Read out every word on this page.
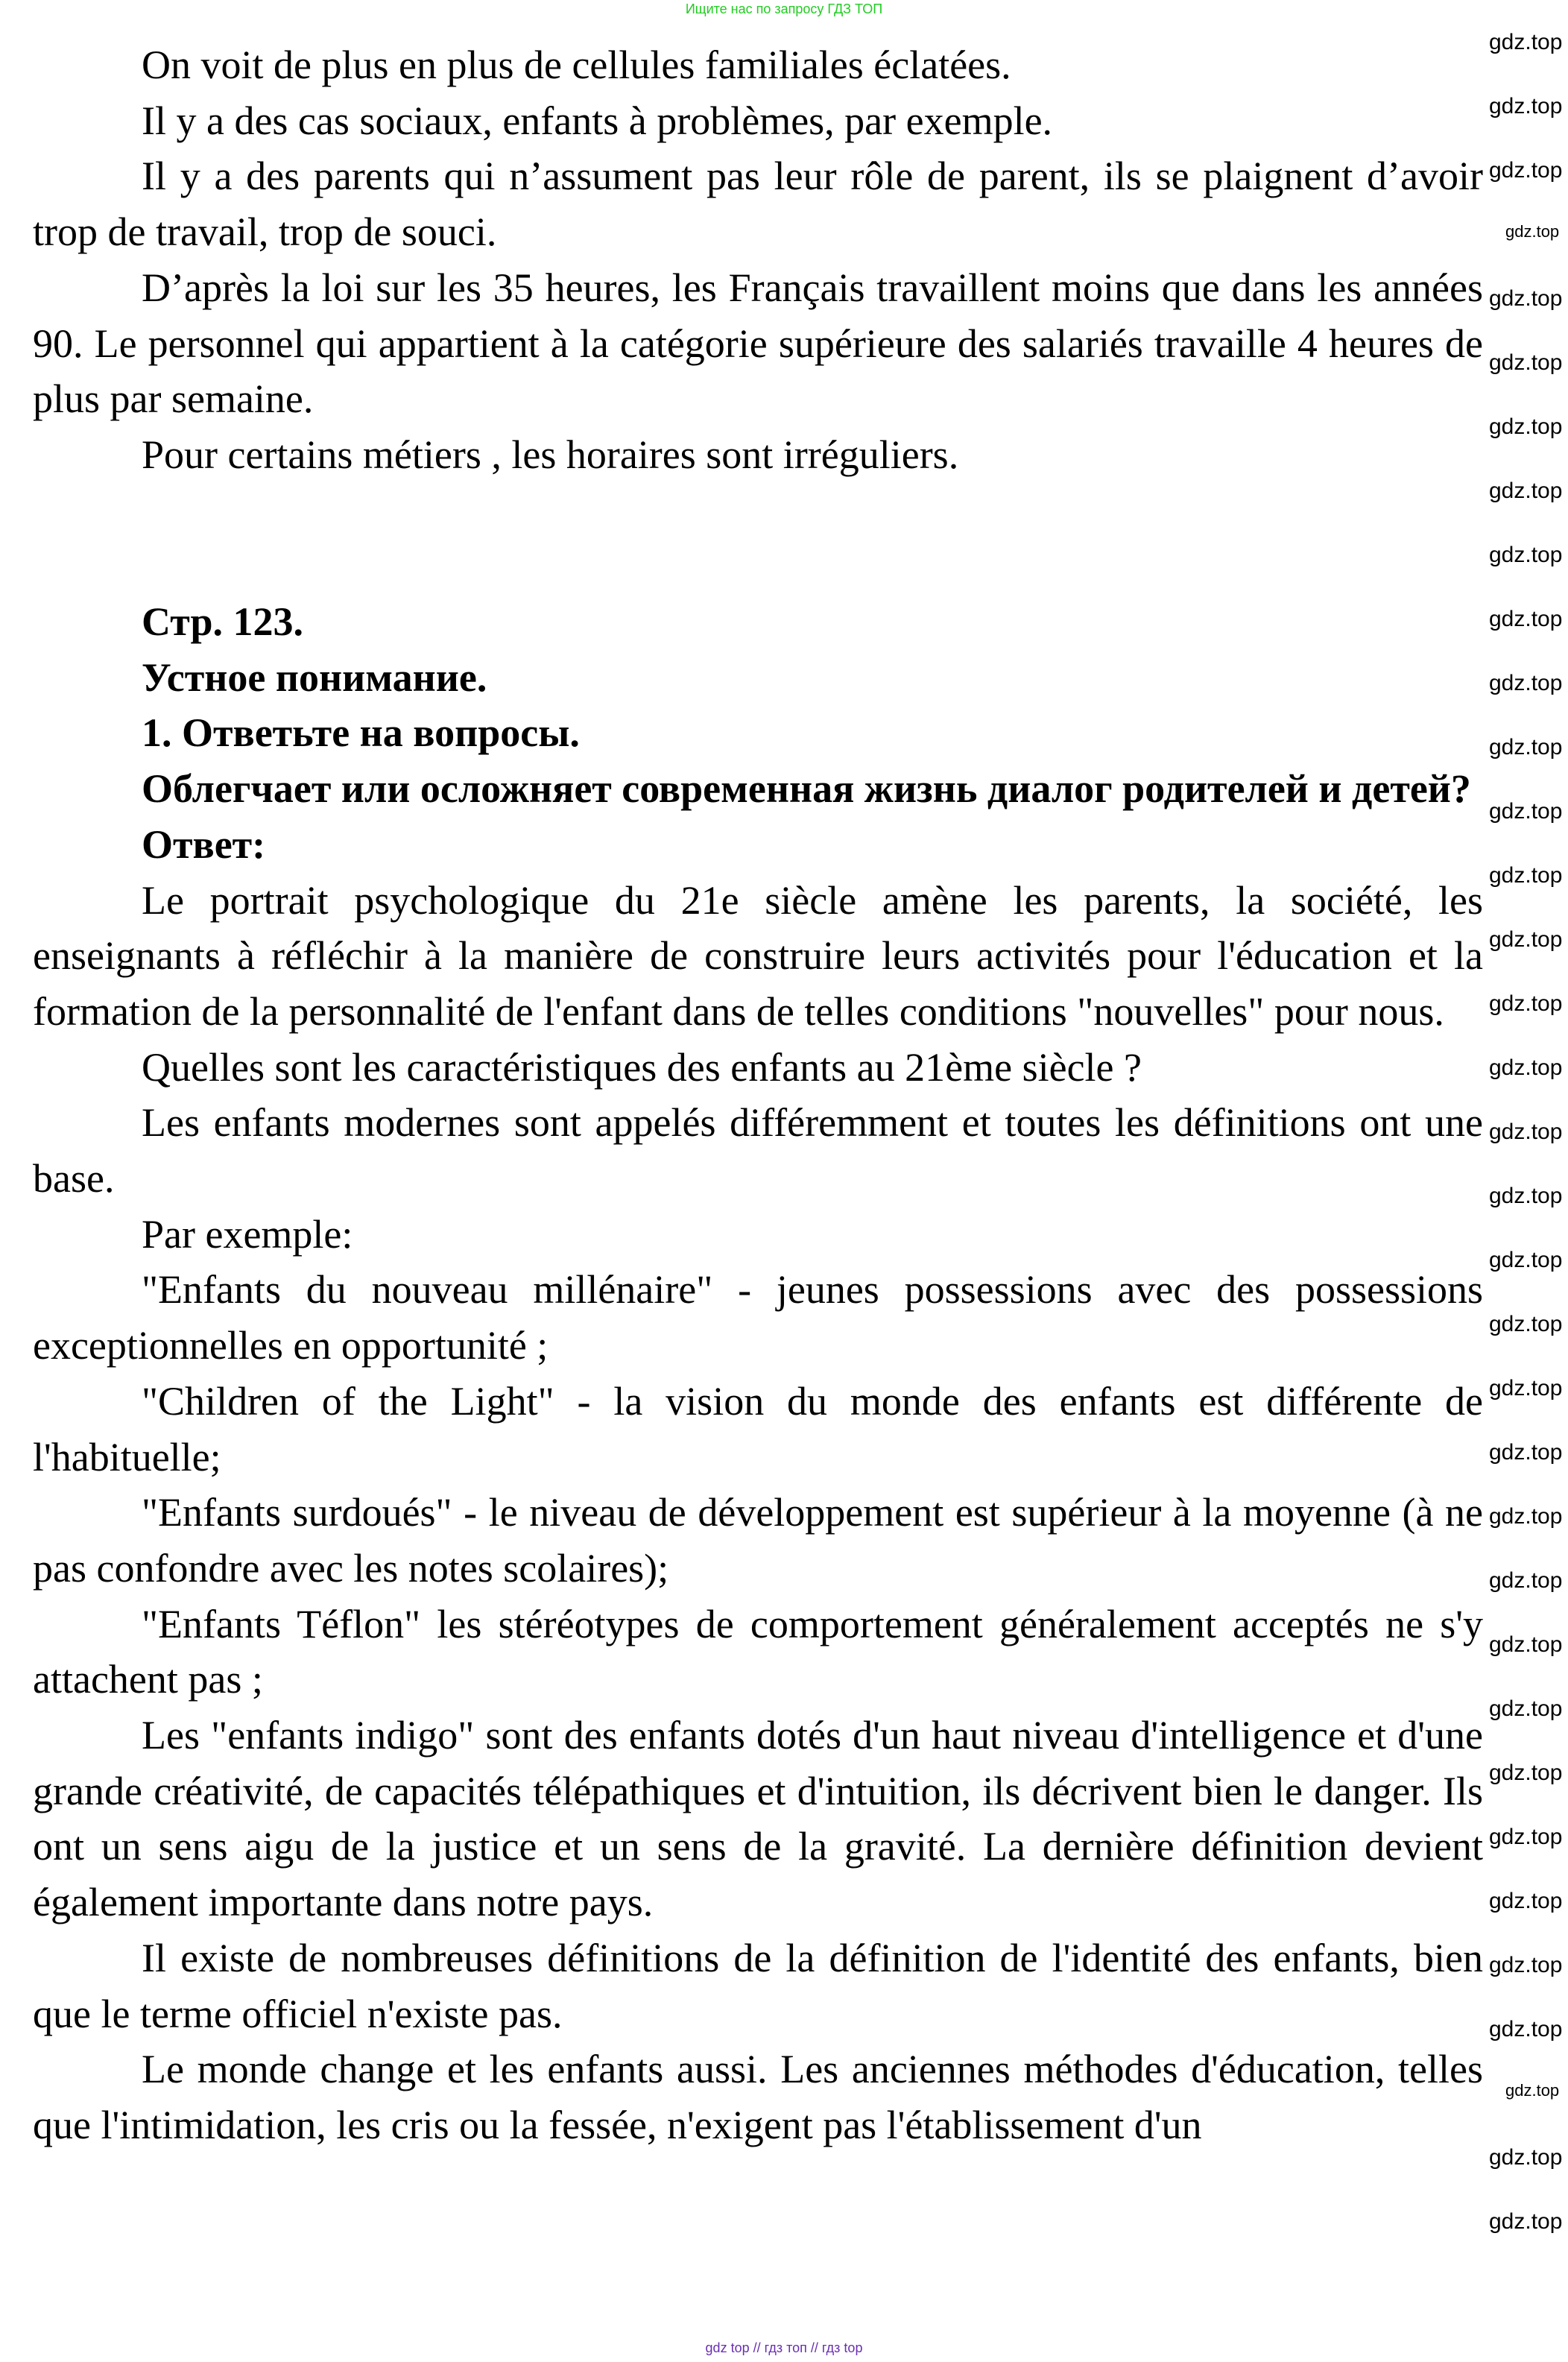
Ищите нас по запросу ГДЗ ТОП

On voit de plus en plus de cellules familiales éclatées.

Il y a des cas sociaux, enfants à problèmes, par exemple.

Il y a des parents qui n’assument pas leur rôle de parent, ils se plaignent d’avoir trop de travail, trop de souci.

D’après la loi sur les 35 heures, les Français travaillent moins que dans les années 90. Le personnel qui appartient à la catégorie supérieure des salariés travaille 4 heures de plus par semaine.

Pour certains métiers , les horaires sont irréguliers.

Стр. 123.

Устное понимание.

1. Ответьте на вопросы.

Облегчает или осложняет современная жизнь диалог родителей и детей?

Ответ:

Le portrait psychologique du 21e siècle amène les parents, la société, les enseignants à réfléchir à la manière de construire leurs activités pour l'éducation et la formation de la personnalité de l'enfant dans de telles conditions "nouvelles" pour nous.

Quelles sont les caractéristiques des enfants au 21ème siècle ?

Les enfants modernes sont appelés différemment et toutes les définitions ont une base.

Par exemple:

"Enfants du nouveau millénaire" - jeunes possessions avec des possessions exceptionnelles en opportunité ;

"Children of the Light" - la vision du monde des enfants est différente de l'habituelle;

"Enfants surdoués" - le niveau de développement est supérieur à la moyenne (à ne pas confondre avec les notes scolaires);

"Enfants Téflon" les stéréotypes de comportement généralement acceptés ne s'y attachent pas ;

Les "enfants indigo" sont des enfants dotés d'un haut niveau d'intelligence et d'une grande créativité, de capacités télépathiques et d'intuition, ils décrivent bien le danger. Ils ont un sens aigu de la justice et un sens de la gravité. La dernière définition devient également importante dans notre pays.

Il existe de nombreuses définitions de la définition de l'identité des enfants, bien que le terme officiel n'existe pas.

Le monde change et les enfants aussi. Les anciennes méthodes d'éducation, telles que l'intimidation, les cris ou la fessée, n'exigent pas l'établissement d'un

gdz.top
gdz.top
gdz.top
gdz.top
gdz.top
gdz.top
gdz.top
gdz.top
gdz.top
gdz.top
gdz.top
gdz.top
gdz.top
gdz.top
gdz.top
gdz.top
gdz.top
gdz.top
gdz.top
gdz.top
gdz.top
gdz.top
gdz.top
gdz.top
gdz.top
gdz.top
gdz.top
gdz.top
gdz.top
gdz.top
gdz.top
gdz.top
gdz.top
gdz.top
gdz.top
gdz top // гдз топ // гдз top
